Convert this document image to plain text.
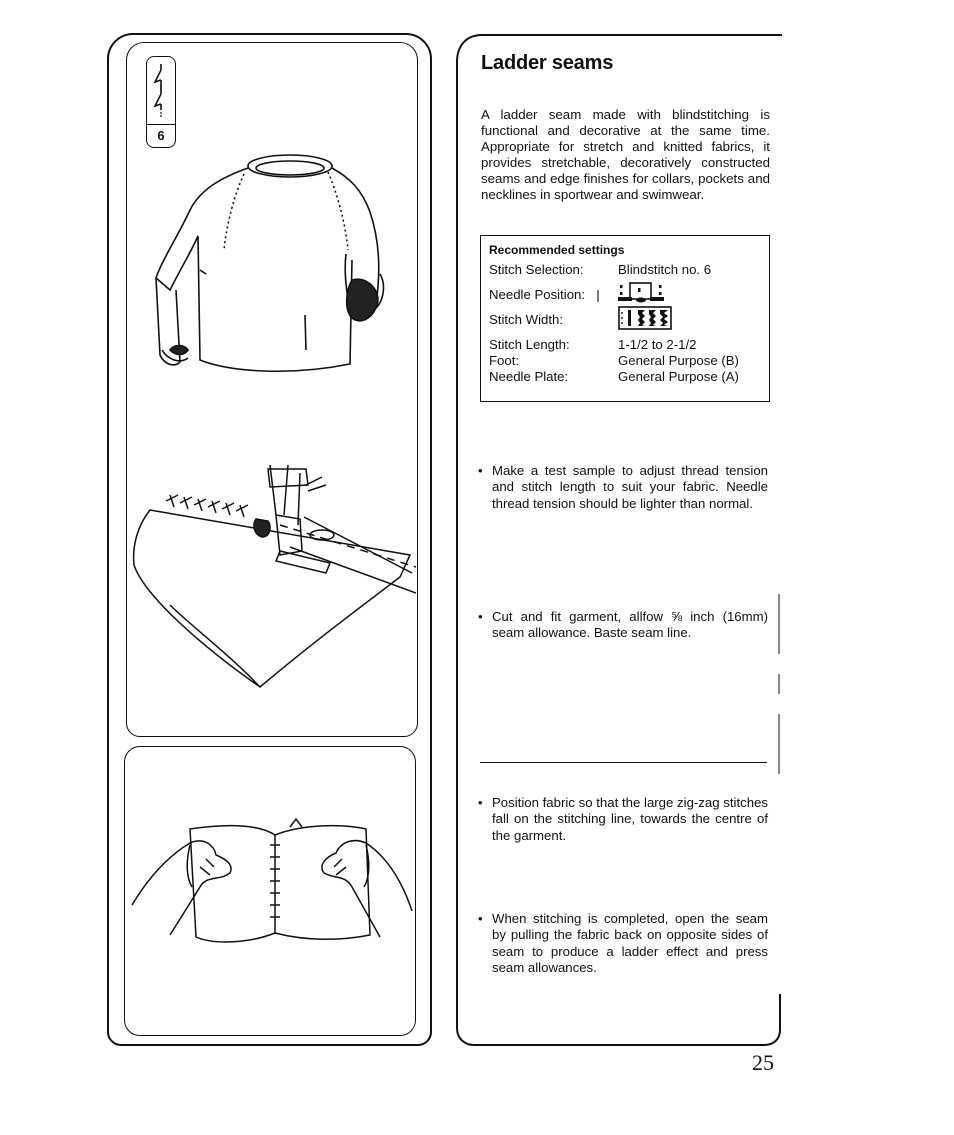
6
Ladder seams
A ladder seam made with blindstitching is functional and decorative at the same time. Appropriate for stretch and knitted fabrics, it provides stretchable, decoratively constructed seams and edge finishes for collars, pockets and necklines in sportwear and swimwear.
Recommended settings
Stitch Selection:	Blindstitch no. 6
Needle Position:
Stitch Width:
Stitch Length:	1-1/2 to 2-1/2
Foot:	General Purpose (B)
Needle Plate:	General Purpose (A)
• Make a test sample to adjust thread tension and stitch length to suit your fabric. Needle thread tension should be lighter than normal.
• Cut and fit garment, allfow ⅝ inch (16mm) seam allowance. Baste seam line.
• Position fabric so that the large zig-zag stitches fall on the stitching line, towards the centre of the garment.
• When stitching is completed, open the seam by pulling the fabric back on opposite sides of seam to produce a ladder effect and press seam allowances.
25
